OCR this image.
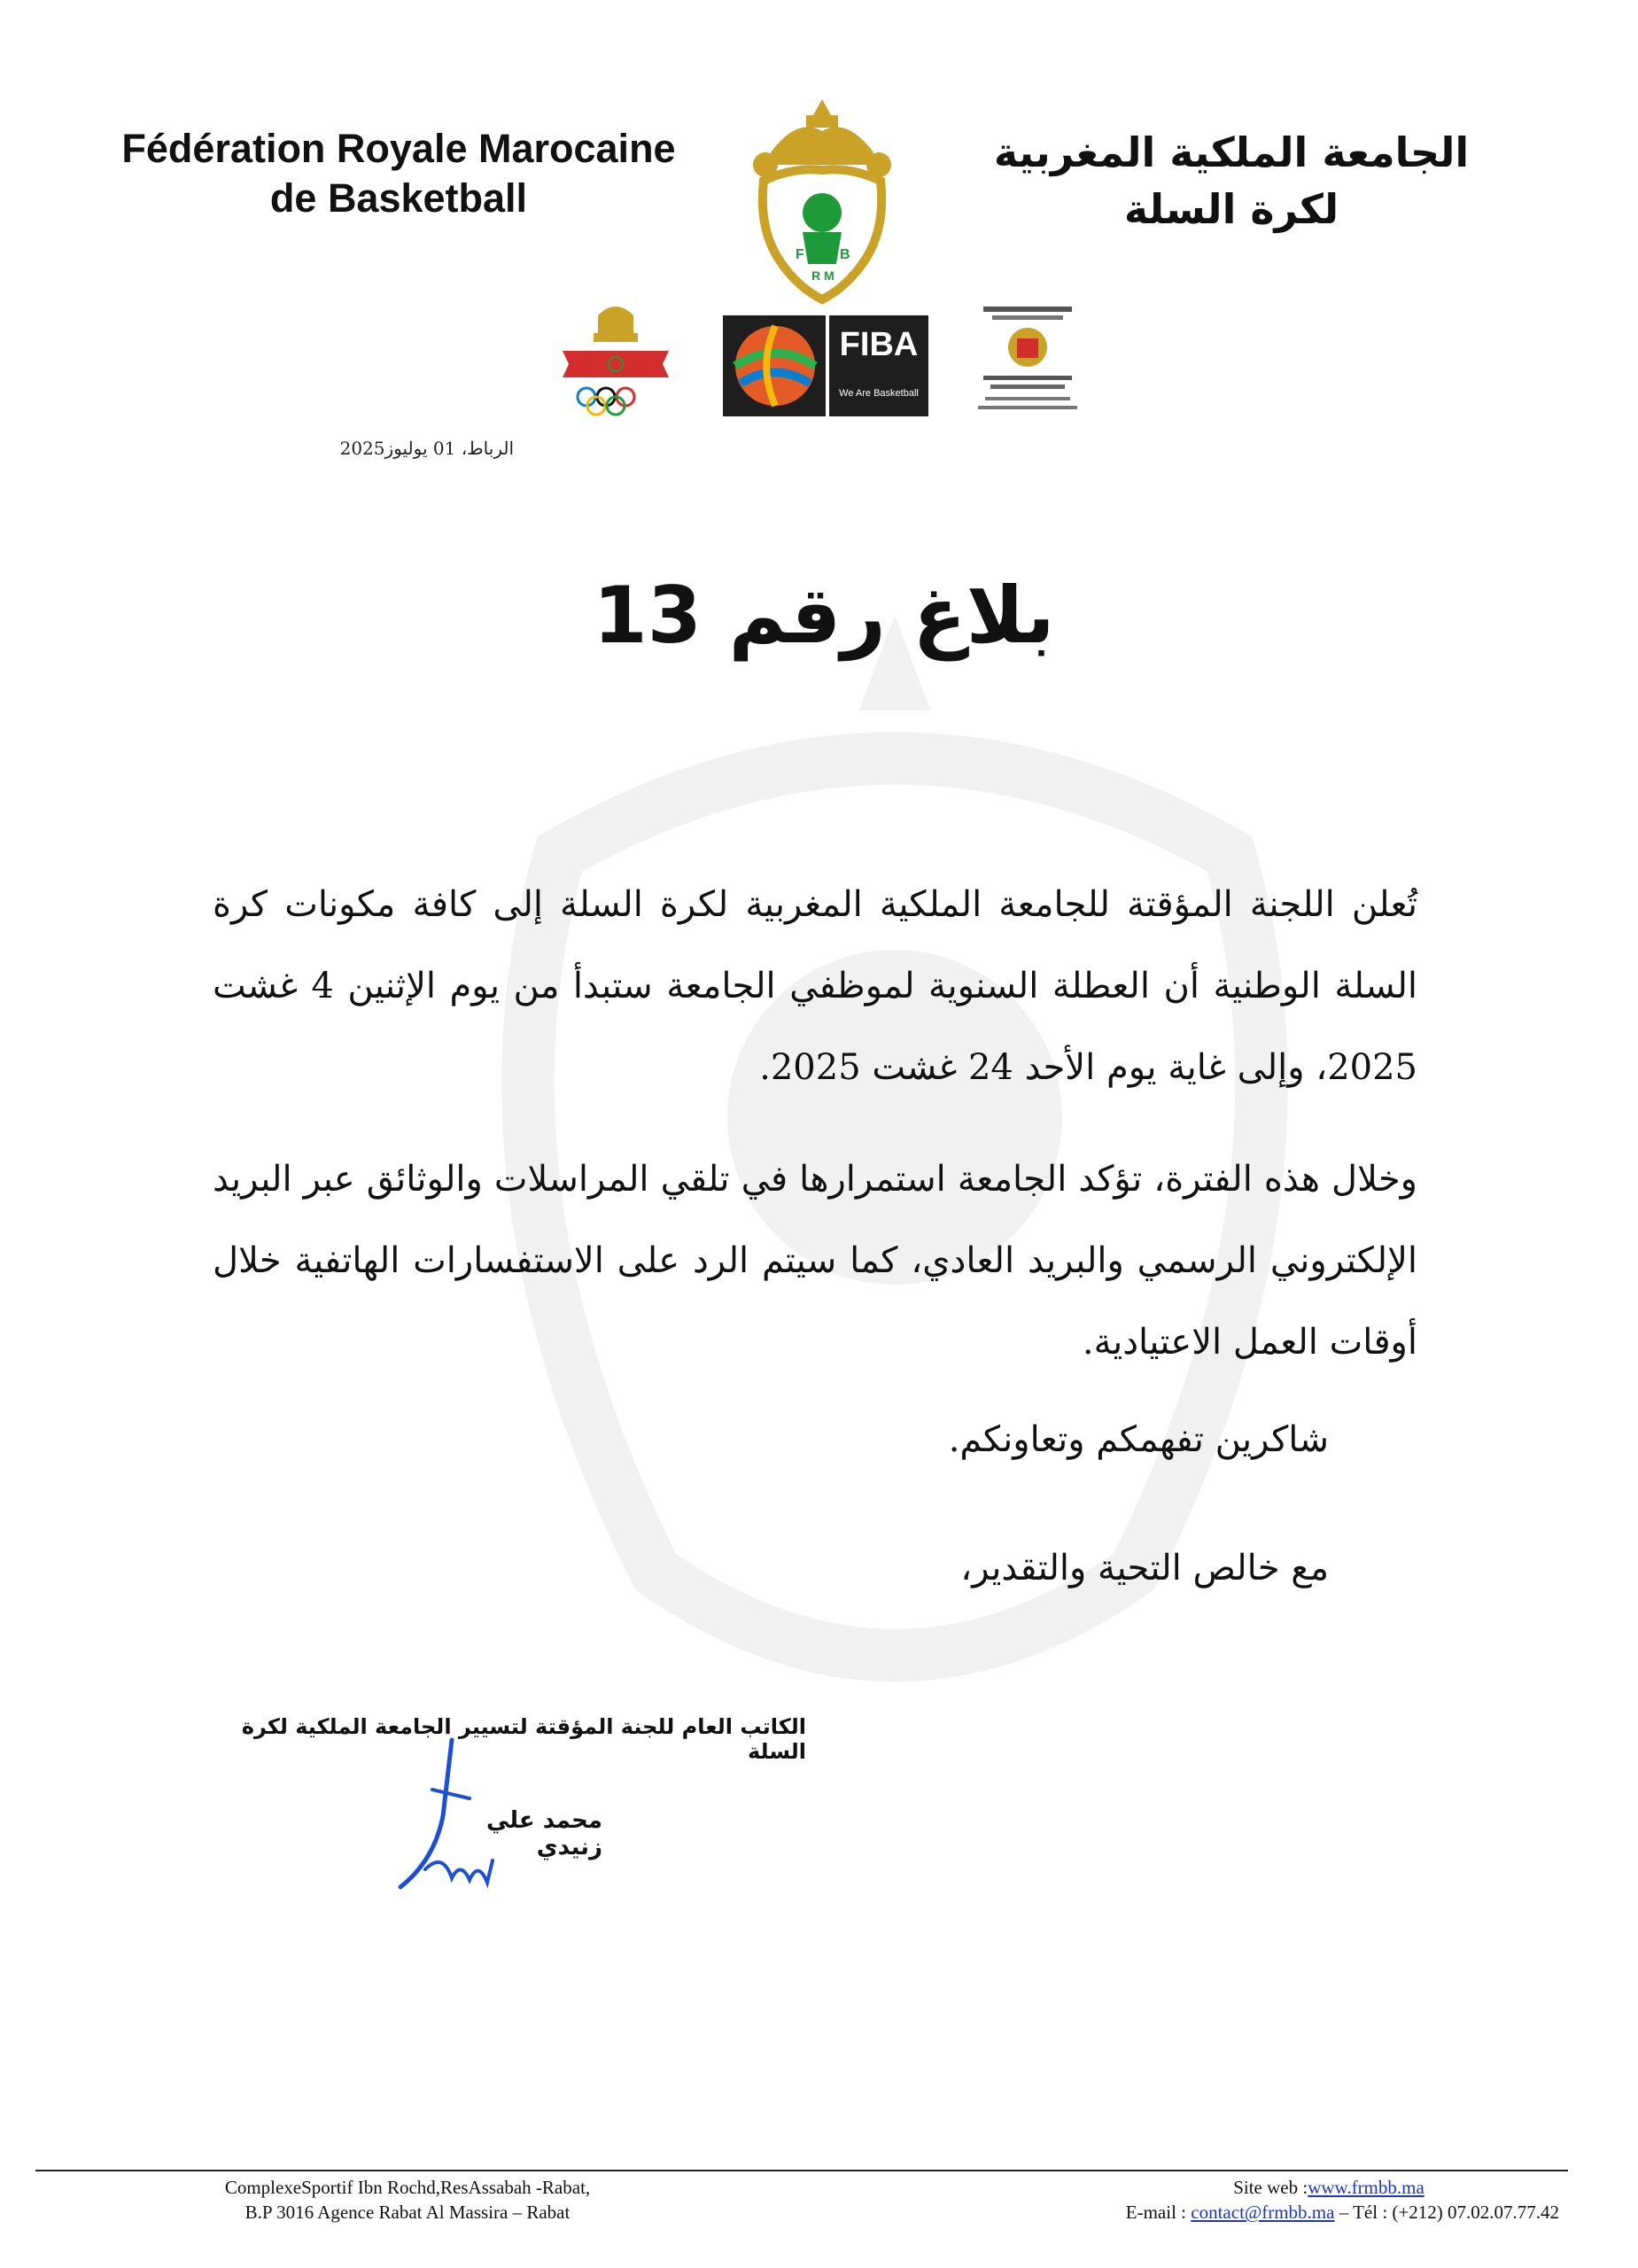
Fédération Royale Marocaine
de Basketball
الجامعة الملكية المغربية
لكرة السلة
F	B
R M
FIBA
We Are Basketball
الرباط، 01 يوليوز2025
بلاغ رقم 13
تُعلن اللجنة المؤقتة للجامعة الملكية المغربية لكرة السلة إلى كافة مكونات كرة السلة الوطنية أن العطلة السنوية لموظفي الجامعة ستبدأ من يوم الإثنين 4 غشت 2025، وإلى غاية يوم الأحد 24 غشت 2025.
وخلال هذه الفترة، تؤكد الجامعة استمرارها في تلقي المراسلات والوثائق عبر البريد الإلكتروني الرسمي والبريد العادي، كما سيتم الرد على الاستفسارات الهاتفية خلال أوقات العمل الاعتيادية.
شاكرين تفهمكم وتعاونكم.
مع خالص التحية والتقدير،
الكاتب العام للجنة المؤقتة لتسيير الجامعة الملكية لكرة السلة
محمد علي زنيدي
ComplexeSportif Ibn Rochd,ResAssabah -Rabat,
B.P 3016 Agence Rabat Al Massira – Rabat
Site web :www.frmbb.ma
E-mail : contact@frmbb.ma – Tél : (+212) 07.02.07.77.42
